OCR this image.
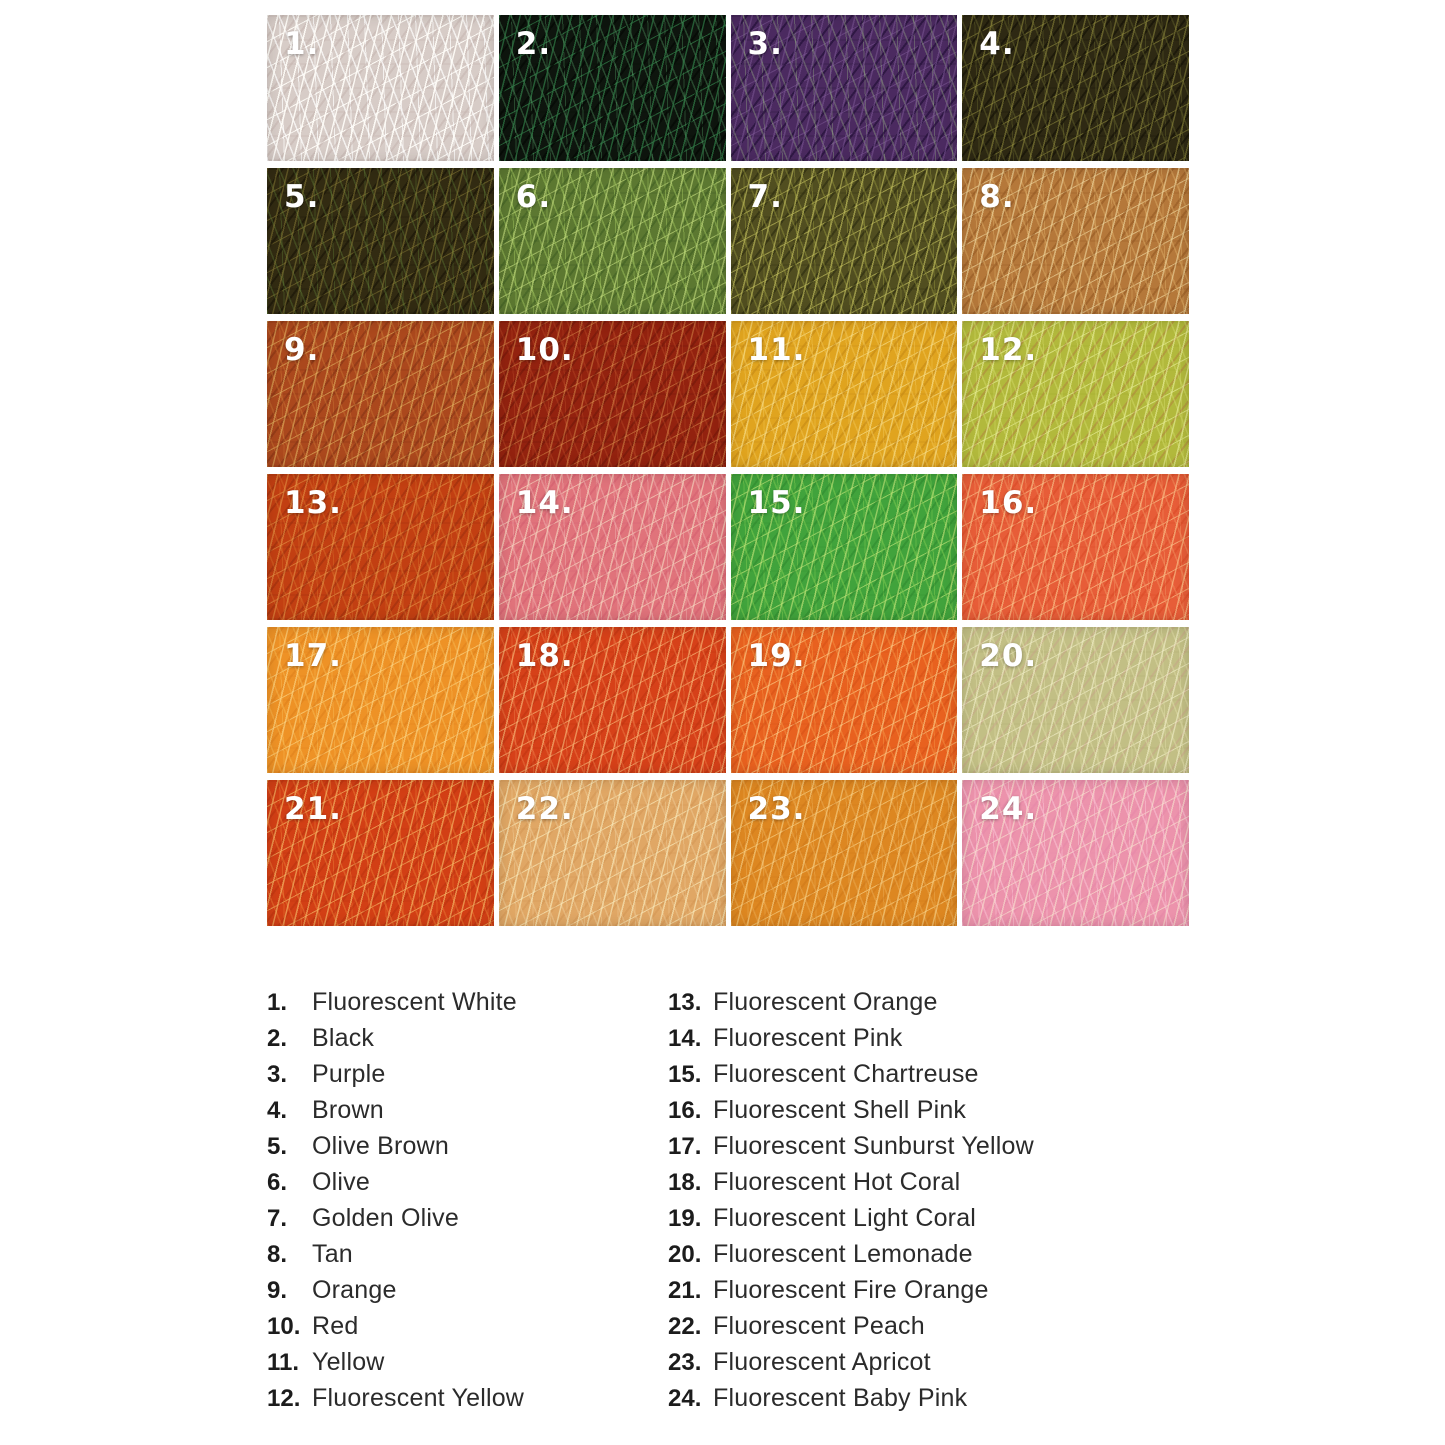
1.	2.	3.	4.
5.	6.	7.	8.
9.	10.	11.	12.
13.	14.	15.	16.
17.	18.	19.	20.
21.	22.	23.	24.
1. Fluorescent White
2. Black
3. Purple
4. Brown
5. Olive Brown
6. Olive
7. Golden Olive
8. Tan
9. Orange
10. Red
11. Yellow
12. Fluorescent Yellow
13. Fluorescent Orange
14. Fluorescent Pink
15. Fluorescent Chartreuse
16. Fluorescent Shell Pink
17. Fluorescent Sunburst Yellow
18. Fluorescent Hot Coral
19. Fluorescent Light Coral
20. Fluorescent Lemonade
21. Fluorescent Fire Orange
22. Fluorescent Peach
23. Fluorescent Apricot
24. Fluorescent Baby Pink
